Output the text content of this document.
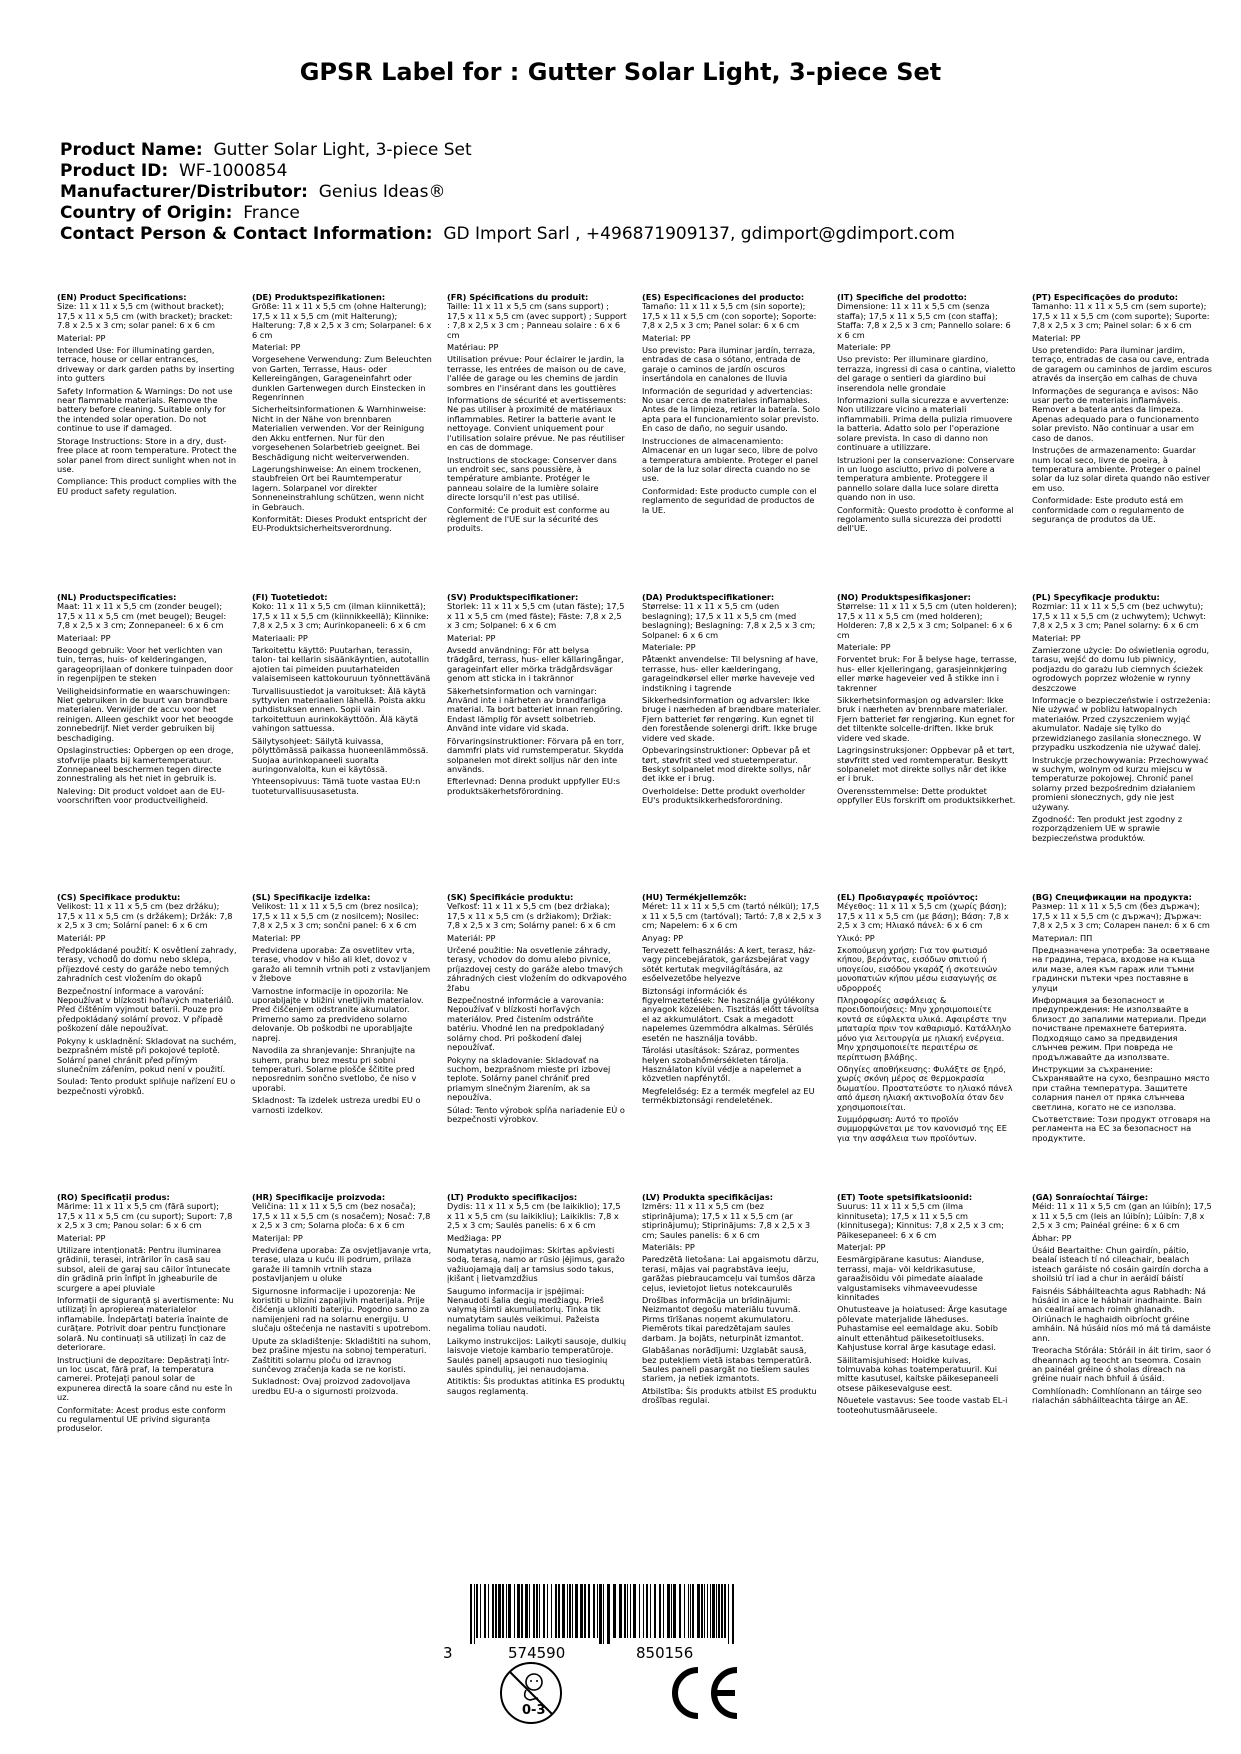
GPSR Label for : Gutter Solar Light, 3-piece Set
Product Name: Gutter Solar Light, 3-piece Set
Product ID: WF-1000854
Manufacturer/Distributor: Genius Ideas®
Country of Origin: France
Contact Person & Contact Information: GD Import Sarl , +496871909137, gdimport@gdimport.com
(EN) Product Specifications:

Size: 11 x 11 x 5,5 cm (without bracket); 17,5 x 11 x 5,5 cm (with bracket); bracket: 7.8 x 2.5 x 3 cm; solar panel: 6 x 6 cm

Material: PP

Intended Use: For illuminating garden, terrace, house or cellar entrances, driveway or dark garden paths by inserting into gutters

Safety Information & Warnings: Do not use near flammable materials. Remove the battery before cleaning. Suitable only for the intended solar operation. Do not continue to use if damaged.

Storage Instructions: Store in a dry, dust-free place at room temperature. Protect the solar panel from direct sunlight when not in use.

Compliance: This product complies with the EU product safety regulation.

(DE) Produktspezifikationen:

Größe: 11 x 11 x 5,5 cm (ohne Halterung); 17,5 x 11 x 5,5 cm (mit Halterung); Halterung: 7,8 x 2,5 x 3 cm; Solarpanel: 6 x 6 cm

Material: PP

Vorgesehene Verwendung: Zum Beleuchten von Garten, Terrasse, Haus- oder Kellereingängen, Garageneinfahrt oder dunklen Gartenwegen durch Einstecken in Regenrinnen

Sicherheitsinformationen & Warnhinweise: Nicht in der Nähe von brennbaren Materialien verwenden. Vor der Reinigung den Akku entfernen. Nur für den vorgesehenen Solarbetrieb geeignet. Bei Beschädigung nicht weiterverwenden.

Lagerungshinweise: An einem trockenen, staubfreien Ort bei Raumtemperatur lagern. Solarpanel vor direkter Sonneneinstrahlung schützen, wenn nicht in Gebrauch.

Konformität: Dieses Produkt entspricht der EU-Produktsicherheitsverordnung.

(FR) Spécifications du produit:

Taille: 11 x 11 x 5,5 cm (sans support) ; 17,5 x 11 x 5,5 cm (avec support) ; Support : 7,8 x 2,5 x 3 cm ; Panneau solaire : 6 x 6 cm

Matériau: PP

Utilisation prévue: Pour éclairer le jardin, la terrasse, les entrées de maison ou de cave, l'allée de garage ou les chemins de jardin sombres en l'insérant dans les gouttières

Informations de sécurité et avertissements: Ne pas utiliser à proximité de matériaux inflammables. Retirer la batterie avant le nettoyage. Convient uniquement pour l'utilisation solaire prévue. Ne pas réutiliser en cas de dommage.

Instructions de stockage: Conserver dans un endroit sec, sans poussière, à température ambiante. Protéger le panneau solaire de la lumière solaire directe lorsqu'il n'est pas utilisé.

Conformité: Ce produit est conforme au règlement de l'UE sur la sécurité des produits.

(ES) Especificaciones del producto:

Tamaño: 11 x 11 x 5,5 cm (sin soporte); 17,5 x 11 x 5,5 cm (con soporte); Soporte: 7,8 x 2,5 x 3 cm; Panel solar: 6 x 6 cm

Material: PP

Uso previsto: Para iluminar jardín, terraza, entradas de casa o sótano, entrada de garaje o caminos de jardín oscuros insertándola en canalones de lluvia

Información de seguridad y advertencias: No usar cerca de materiales inflamables. Antes de la limpieza, retirar la batería. Solo apta para el funcionamiento solar previsto. En caso de daño, no seguir usando.

Instrucciones de almacenamiento: Almacenar en un lugar seco, libre de polvo a temperatura ambiente. Proteger el panel solar de la luz solar directa cuando no se use.

Conformidad: Este producto cumple con el reglamento de seguridad de productos de la UE.

(IT) Specifiche del prodotto:

Dimensione: 11 x 11 x 5,5 cm (senza staffa); 17,5 x 11 x 5,5 cm (con staffa); Staffa: 7,8 x 2,5 x 3 cm; Pannello solare: 6 x 6 cm

Materiale: PP

Uso previsto: Per illuminare giardino, terrazza, ingressi di casa o cantina, vialetto del garage o sentieri da giardino bui inserendola nelle grondaie

Informazioni sulla sicurezza e avvertenze: Non utilizzare vicino a materiali infiammabili. Prima della pulizia rimuovere la batteria. Adatto solo per l'operazione solare prevista. In caso di danno non continuare a utilizzare.

Istruzioni per la conservazione: Conservare in un luogo asciutto, privo di polvere a temperatura ambiente. Proteggere il pannello solare dalla luce solare diretta quando non in uso.

Conformità: Questo prodotto è conforme al regolamento sulla sicurezza dei prodotti dell'UE.

(PT) Especificações do produto:

Tamanho: 11 x 11 x 5,5 cm (sem suporte); 17,5 x 11 x 5,5 cm (com suporte); Suporte: 7,8 x 2,5 x 3 cm; Painel solar: 6 x 6 cm

Material: PP

Uso pretendido: Para iluminar jardim, terraço, entradas de casa ou cave, entrada de garagem ou caminhos de jardim escuros através da inserção em calhas de chuva

Informações de segurança e avisos: Não usar perto de materiais inflamáveis. Remover a bateria antes da limpeza. Apenas adequado para o funcionamento solar previsto. Não continuar a usar em caso de danos.

Instruções de armazenamento: Guardar num local seco, livre de poeira, à temperatura ambiente. Proteger o painel solar da luz solar direta quando não estiver em uso.

Conformidade: Este produto está em conformidade com o regulamento de segurança de produtos da UE.

(NL) Productspecificaties:

Maat: 11 x 11 x 5,5 cm (zonder beugel); 17,5 x 11 x 5,5 cm (met beugel); Beugel: 7,8 x 2,5 x 3 cm; Zonnepaneel: 6 x 6 cm

Materiaal: PP

Beoogd gebruik: Voor het verlichten van tuin, terras, huis- of kelderingangen, garageoprijlaan of donkere tuinpaden door in regenpijpen te steken

Veiligheidsinformatie en waarschuwingen: Niet gebruiken in de buurt van brandbare materialen. Verwijder de accu voor het reinigen. Alleen geschikt voor het beoogde zonnebedrijf. Niet verder gebruiken bij beschadiging.

Opslaginstructies: Opbergen op een droge, stofvrije plaats bij kamertemperatuur. Zonnepaneel beschermen tegen directe zonnestraling als het niet in gebruik is.

Naleving: Dit product voldoet aan de EU-voorschriften voor productveiligheid.

(FI) Tuotetiedot:

Koko: 11 x 11 x 5,5 cm (ilman kiinnikettä); 17,5 x 11 x 5,5 cm (kiinnikkeellä); Kiinnike: 7,8 x 2,5 x 3 cm; Aurinkopaneeli: 6 x 6 cm

Materiaali: PP

Tarkoitettu käyttö: Puutarhan, terassin, talon- tai kellarin sisäänkäyntien, autotallin ajotien tai pimeiden puutarhateiden valaisemiseen kattokouruun työnnettävänä

Turvallisuustiedot ja varoitukset: Älä käytä syttyvien materiaalien lähellä. Poista akku puhdistuksen ennen. Sopii vain tarkoitettuun aurinkokäyttöön. Älä käytä vahingon sattuessa.

Säilytysohjeet: Säilytä kuivassa, pölyttömässä paikassa huoneenlämmössä. Suojaa aurinkopaneeli suoralta auringonvalolta, kun ei käytössä.

Yhteensopivuus: Tämä tuote vastaa EU:n tuoteturvallisuusasetusta.

(SV) Produktspecifikationer:

Storlek: 11 x 11 x 5,5 cm (utan fäste); 17,5 x 11 x 5,5 cm (med fäste); Fäste: 7,8 x 2,5 x 3 cm; Solpanel: 6 x 6 cm

Material: PP

Avsedd användning: För att belysa trädgård, terrass, hus- eller källaringångar, garageinfart eller mörka trädgårdsvägar genom att sticka in i takrännor

Säkerhetsinformation och varningar: Använd inte i närheten av brandfarliga material. Ta bort batteriet innan rengöring. Endast lämplig för avsett solbetrieb. Använd inte vidare vid skada.

Förvaringsinstruktioner: Förvara på en torr, dammfri plats vid rumstemperatur. Skydda solpanelen mot direkt solljus när den inte används.

Efterlevnad: Denna produkt uppfyller EU:s produktsäkerhetsförordning.

(DA) Produktspecifikationer:

Størrelse: 11 x 11 x 5,5 cm (uden beslagning); 17,5 x 11 x 5,5 cm (med beslagning); Beslagning: 7,8 x 2,5 x 3 cm; Solpanel: 6 x 6 cm

Materiale: PP

Påtænkt anvendelse: Til belysning af have, terrasse, hus- eller kælderingang, garageindkørsel eller mørke haveveje ved indstikning i tagrende

Sikkerhedsinformation og advarsler: Ikke bruge i nærheden af brændbare materialer. Fjern batteriet før rengøring. Kun egnet til den forestående solenergi drift. Ikke bruge videre ved skade.

Opbevaringsinstruktioner: Opbevar på et tørt, støvfrit sted ved stuetemperatur. Beskyt solpanelet mod direkte sollys, når det ikke er i brug.

Overholdelse: Dette produkt overholder EU's produktsikkerhedsforordning.

(NO) Produktspesifikasjoner:

Størrelse: 11 x 11 x 5,5 cm (uten holderen); 17,5 x 11 x 5,5 cm (med holderen); Holderen: 7,8 x 2,5 x 3 cm; Solpanel: 6 x 6 cm

Materiale: PP

Forventet bruk: For å belyse hage, terrasse, hus- eller kjelleringang, garasjeinnkjøring eller mørke hageveier ved å stikke inn i takrenner

Sikkerhetsinformasjon og advarsler: Ikke bruk i nærheten av brennbare materialer. Fjern batteriet før rengjøring. Kun egnet for det tiltenkte solcelle-driften. Ikke bruk videre ved skade.

Lagringsinstruksjoner: Oppbevar på et tørt, støvfritt sted ved romtemperatur. Beskytt solpanelet mot direkte sollys når det ikke er i bruk.

Overensstemmelse: Dette produktet oppfyller EUs forskrift om produktsikkerhet.

(PL) Specyfikacje produktu:

Rozmiar: 11 x 11 x 5,5 cm (bez uchwytu); 17,5 x 11 x 5,5 cm (z uchwytem); Uchwyt: 7,8 x 2,5 x 3 cm; Panel solarny: 6 x 6 cm

Materiał: PP

Zamierzone użycie: Do oświetlenia ogrodu, tarasu, wejść do domu lub piwnicy, podjazdu do garażu lub ciemnych ścieżek ogrodowych poprzez włożenie w rynny deszczowe

Informacje o bezpieczeństwie i ostrzeżenia: Nie używać w pobliżu łatwopalnych materiałów. Przed czyszczeniem wyjąć akumulator. Nadaje się tylko do przewidzianego zasilania słonecznego. W przypadku uszkodzenia nie używać dalej.

Instrukcje przechowywania: Przechowywać w suchym, wolnym od kurzu miejscu w temperaturze pokojowej. Chronić panel solarny przed bezpośrednim działaniem promieni słonecznych, gdy nie jest używany.

Zgodność: Ten produkt jest zgodny z rozporządzeniem UE w sprawie bezpieczeństwa produktów.

(CS) Specifikace produktu:

Velikost: 11 x 11 x 5,5 cm (bez držáku); 17,5 x 11 x 5,5 cm (s držákem); Držák: 7,8 x 2,5 x 3 cm; Solární panel: 6 x 6 cm

Materiál: PP

Předpokládané použití: K osvětlení zahrady, terasy, vchodů do domu nebo sklepa, příjezdové cesty do garáže nebo temných zahradních cest vložením do okapů

Bezpečnostní informace a varování: Nepoužívat v blízkosti hořlavých materiálů. Před čištěním vyjmout baterii. Pouze pro předpokládaný solární provoz. V případě poškození dále nepoužívat.

Pokyny k uskladnění: Skladovat na suchém, bezprašném místě při pokojové teplotě. Solární panel chránit před přímým slunečním zářením, pokud není v použití.

Soulad: Tento produkt splňuje nařízení EU o bezpečnosti výrobků.

(SL) Specifikacije izdelka:

Velikost: 11 x 11 x 5,5 cm (brez nosilca); 17,5 x 11 x 5,5 cm (z nosilcem); Nosilec: 7,8 x 2,5 x 3 cm; sončni panel: 6 x 6 cm

Material: PP

Predvidena uporaba: Za osvetlitev vrta, terase, vhodov v hišo ali klet, dovoz v garažo ali temnih vrtnih poti z vstavljanjem v žlebove

Varnostne informacije in opozorila: Ne uporabljajte v bližini vnetljivih materialov. Pred čiščenjem odstranite akumulator. Primerno samo za predvideno solarno delovanje. Ob poškodbi ne uporabljajte naprej.

Navodila za shranjevanje: Shranjujte na suhem, prahu brez mestu pri sobni temperaturi. Solarne plošče ščitite pred neposrednim sončno svetlobo, če niso v uporabi.

Skladnost: Ta izdelek ustreza uredbi EU o varnosti izdelkov.

(SK) Špecifikácie produktu:

Veľkosť: 11 x 11 x 5,5 cm (bez držiaka); 17,5 x 11 x 5,5 cm (s držiakom); Držiak: 7,8 x 2,5 x 3 cm; Solárny panel: 6 x 6 cm

Materiál: PP

Určené použitie: Na osvetlenie záhrady, terasy, vchodov do domu alebo pivnice, príjazdovej cesty do garáže alebo tmavých záhradných ciest vložením do odkvapového žľabu

Bezpečnostné informácie a varovania: Nepoužívať v blízkosti horľavých materiálov. Pred čistením odstráňte batériu. Vhodné len na predpokladaný solárny chod. Pri poškodení ďalej nepoužívať.

Pokyny na skladovanie: Skladovať na suchom, bezprašnom mieste pri izbovej teplote. Solárny panel chrániť pred priamym slnečným žiarením, ak sa nepoužíva.

Súlad: Tento výrobok spĺňa nariadenie EÚ o bezpečnosti výrobkov.

(HU) Termékjellemzők:

Méret: 11 x 11 x 5,5 cm (tartó nélkül); 17,5 x 11 x 5,5 cm (tartóval); Tartó: 7,8 x 2,5 x 3 cm; Napelem: 6 x 6 cm

Anyag: PP

Tervezett felhasználás: A kert, terasz, ház- vagy pincebejáratok, garázsbejárat vagy sötét kertutak megvilágítására, az esőelvezetőbe helyezve

Biztonsági információk és figyelmeztetések: Ne használja gyúlékony anyagok közelében. Tisztítás előtt távolítsa el az akkumulátort. Csak a megadott napelemes üzemmódra alkalmas. Sérülés esetén ne használja tovább.

Tárolási utasítások: Száraz, pormentes helyen szobahőmérsékleten tárolja. Használaton kívül védje a napelemet a közvetlen napfénytől.

Megfelelőség: Ez a termék megfelel az EU termékbiztonsági rendeletének.

(EL) Προδιαγραφές προϊόντος:

Μέγεθος: 11 x 11 x 5,5 cm (χωρίς βάση); 17,5 x 11 x 5,5 cm (με βάση); Βάση: 7,8 x 2,5 x 3 cm; Ηλιακό πάνελ: 6 x 6 cm

Υλικό: PP

Σκοπούμενη χρήση: Για τον φωτισμό κήπου, βεράντας, εισόδων σπιτιού ή υπογείου, εισόδου γκαράζ ή σκοτεινών μονοπατιών κήπου μέσω εισαγωγής σε υδρορροές

Πληροφορίες ασφάλειας & προειδοποιήσεις: Μην χρησιμοποιείτε κοντά σε εύφλεκτα υλικά. Αφαιρέστε την μπαταρία πριν τον καθαρισμό. Κατάλληλο μόνο για λειτουργία με ηλιακή ενέργεια. Μην χρησιμοποιείτε περαιτέρω σε περίπτωση βλάβης.

Οδηγίες αποθήκευσης: Φυλάξτε σε ξηρό, χωρίς σκόνη μέρος σε θερμοκρασία δωματίου. Προστατεύστε το ηλιακό πάνελ από άμεση ηλιακή ακτινοβολία όταν δεν χρησιμοποιείται.

Συμμόρφωση: Αυτό το προϊόν συμμορφώνεται με τον κανονισμό της ΕΕ για την ασφάλεια των προϊόντων.

(BG) Спецификации на продукта:

Размер: 11 x 11 x 5,5 cm (без държач); 17,5 x 11 x 5,5 cm (с държач); Държач: 7,8 x 2,5 x 3 cm; Соларен панел: 6 x 6 cm

Материал: ПП

Предназначена употреба: За осветяване на градина, тераса, входове на къща или мазе, алея към гараж или тъмни градински пътеки чрез поставяне в улуци

Информация за безопасност и предупреждения: Не използвайте в близост до запалими материали. Преди почистване премахнете батерията. Подходящо само за предвидения слънчев режим. При повреда не продължавайте да използвате.

Инструкции за съхранение: Съхранявайте на сухо, безпрашно място при стайна температура. Защитете соларния панел от пряка слънчева светлина, когато не се използва.

Съответствие: Този продукт отговаря на регламента на ЕС за безопасност на продуктите.

(RO) Specificații produs:

Mărime: 11 x 11 x 5,5 cm (fără suport); 17,5 x 11 x 5,5 cm (cu suport); Suport: 7,8 x 2,5 x 3 cm; Panou solar: 6 x 6 cm

Material: PP

Utilizare intenționată: Pentru iluminarea grădinii, terasei, intrărilor în casă sau subsol, aleii de garaj sau căilor întunecate din grădină prin înfipt în jgheaburile de scurgere a apei pluviale

Informații de siguranță și avertismente: Nu utilizați în apropierea materialelor inflamabile. Îndepărtați bateria înainte de curățare. Potrivit doar pentru funcționare solară. Nu continuați să utilizați în caz de deteriorare.

Instrucțiuni de depozitare: Depăstrați într-un loc uscat, fără praf, la temperatura camerei. Protejați panoul solar de expunerea directă la soare când nu este în uz.

Conformitate: Acest produs este conform cu regulamentul UE privind siguranța produselor.

(HR) Specifikacije proizvoda:

Veličina: 11 x 11 x 5,5 cm (bez nosača); 17,5 x 11 x 5,5 cm (s nosačem); Nosač: 7,8 x 2,5 x 3 cm; Solarna ploča: 6 x 6 cm

Materijal: PP

Predviđena uporaba: Za osvjetljavanje vrta, terase, ulaza u kuću ili podrum, prilaza garaže ili tamnih vrtnih staza postavljanjem u oluke

Sigurnosne informacije i upozorenja: Ne koristiti u blizini zapaljivih materijala. Prije čišćenja ukloniti bateriju. Pogodno samo za namijenjeni rad na solarnu energiju. U slučaju oštećenja ne nastaviti s upotrebom.

Upute za skladištenje: Skladištiti na suhom, bez prašine mjestu na sobnoj temperaturi. Zaštititi solarnu ploču od izravnog sunčevog zračenja kada se ne koristi.

Sukladnost: Ovaj proizvod zadovoljava uredbu EU-a o sigurnosti proizvoda.

(LT) Produkto specifikacijos:

Dydis: 11 x 11 x 5,5 cm (be laikiklio); 17,5 x 11 x 5,5 cm (su laikikliu); Laikiklis: 7,8 x 2,5 x 3 cm; Saulės panelis: 6 x 6 cm

Medžiaga: PP

Numatytas naudojimas: Skirtas apšviesti sodą, terasą, namo ar rūsio įėjimus, garažo važiuojamąją dalį ar tamsius sodo takus, įkišant į lietvamzdžius

Saugumo informacija ir įspėjimai: Nenaudoti šalia degių medžiagų. Prieš valymą išimti akumuliatorių. Tinka tik numatytam saulės veikimui. Pažeista negalima toliau naudoti.

Laikymo instrukcijos: Laikyti sausoje, dulkių laisvoje vietoje kambario temperatūroje. Saulės panelį apsaugoti nuo tiesioginių saulės spindulių, jei nenaudojama.

Atitiktis: Šis produktas atitinka ES produktų saugos reglamentą.

(LV) Produkta specifikācijas:

Izmērs: 11 x 11 x 5,5 cm (bez stiprinājuma); 17,5 x 11 x 5,5 cm (ar stiprinājumu); Stiprinājums: 7,8 x 2,5 x 3 cm; Saules panelis: 6 x 6 cm

Materiāls: PP

Paredzētā lietošana: Lai apgaismotu dārzu, terasi, mājas vai pagrabstāva ieeju, garāžas piebraucamceļu vai tumšos dārza ceļus, ievietojot lietus notekcaurulēs

Drošības informācija un brīdinājumi: Neizmantot degošu materiālu tuvumā. Pirms tīrīšanas noņemt akumulatoru. Piemērots tikai paredzētajam saules darbam. Ja bojāts, neturpināt izmantot.

Glabāšanas norādījumi: Uzglabāt sausā, bez putekļiem vietā istabas temperatūrā. Saules paneli pasargāt no tiešiem saules stariem, ja netiek izmantots.

Atbilstība: Šis produkts atbilst ES produktu drošības regulai.

(ET) Toote spetsifikatsioonid:

Suurus: 11 x 11 x 5,5 cm (ilma kinnituseta); 17,5 x 11 x 5,5 cm (kinnitusega); Kinnitus: 7,8 x 2,5 x 3 cm; Päikesepaneel: 6 x 6 cm

Materjal: PP

Eesmärgipärane kasutus: Aianduse, terrassi, maja- või keldrikasutuse, garaažisõidu või pimedate aiaalade valgustamiseks vihmaveevudesse kinnitades

Ohutusteave ja hoiatused: Ärge kasutage põlevate materjalide läheduses. Puhastamise eel eemaldage aku. Sobib ainult ettenähtud päikesetoitluseks. Kahjustuse korral ärge kasutage edasi.

Säilitamisjuhised: Hoidke kuivas, tolmuvaba kohas toatemperatuuril. Kui mitte kasutusel, kaitske päikesepaneeli otsese päikesevalguse eest.

Nõuetele vastavus: See toode vastab EL-i tooteohutusmääruseele.

(GA) Sonraíochtaí Táirge:

Méid: 11 x 11 x 5,5 cm (gan an lúibín); 17,5 x 11 x 5,5 cm (leis an lúibín); Lúibín: 7,8 x 2,5 x 3 cm; Painéal gréine: 6 x 6 cm

Ábhar: PP

Úsáid Beartaithe: Chun gairdín, páitio, bealaí isteach tí nó cileachair, bealach isteach garáiste nó cosáin gairdín dorcha a shoilsiú trí iad a chur in aeráidí báistí

Faisnéis Sábháilteachta agus Rabhadh: Ná húsáid in aice le hábhair inadhainte. Bain an ceallraí amach roimh ghlanadh. Oiriúnach le haghaidh oibríocht gréine amháin. Ná húsáid níos mó má tá damáiste ann.

Treoracha Stórála: Stóráil in áit tirim, saor ó dheannach ag teocht an tseomra. Cosain an painéal gréine ó sholas díreach na gréine nuair nach bhfuil á úsáid.

Comhlíonadh: Comhlíonann an táirge seo rialachán sábháilteachta táirge an AE.

3	574590	850156
0-3
